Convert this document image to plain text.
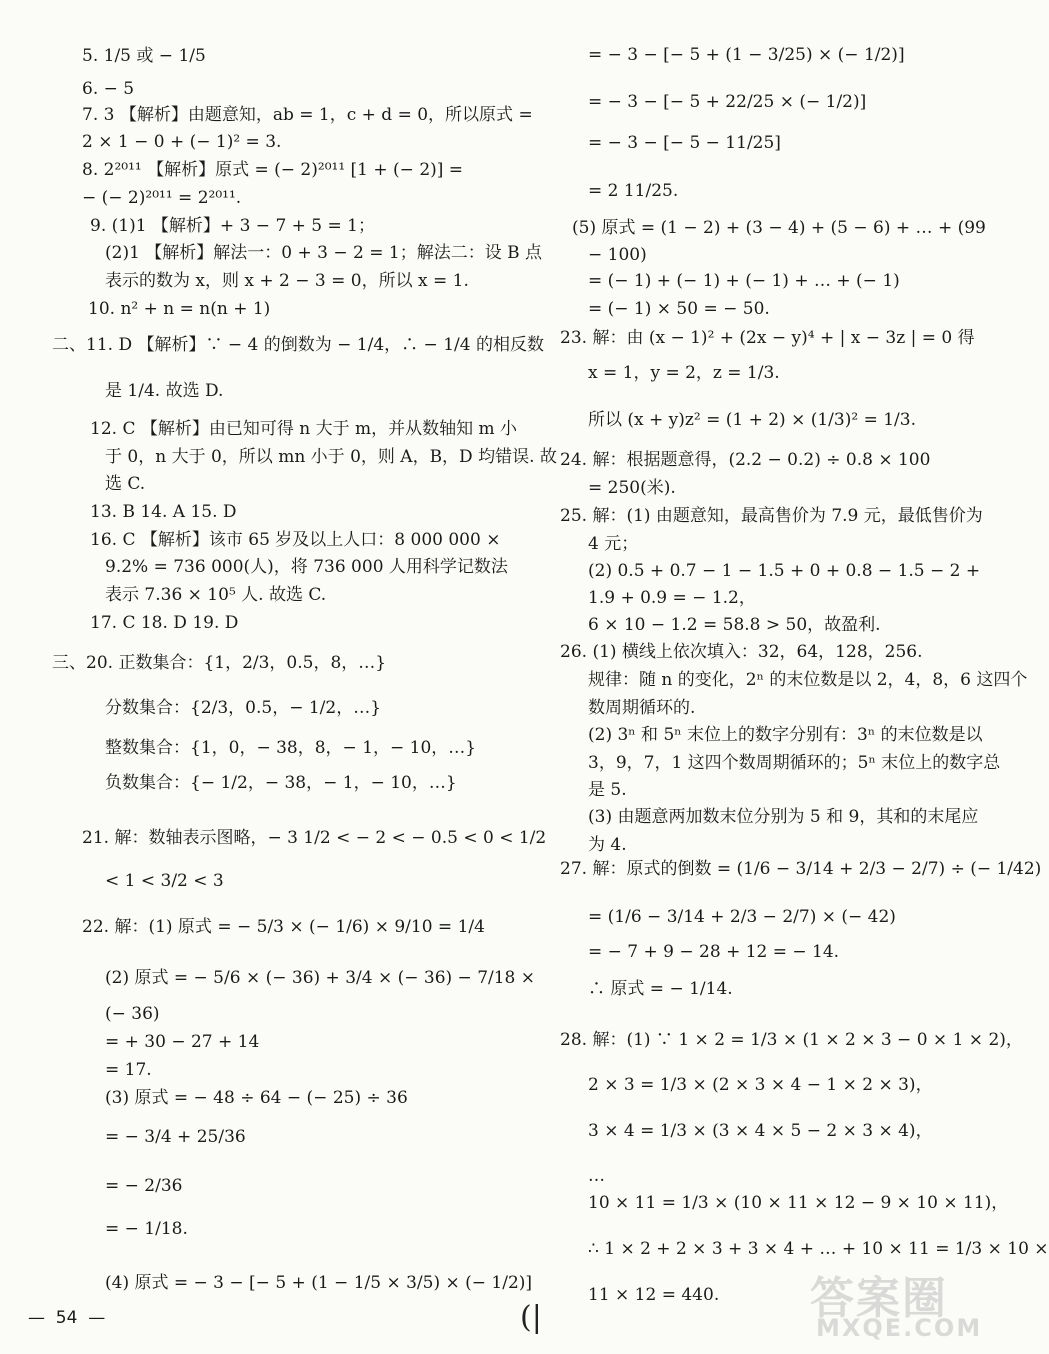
5. 1/5 或 − 1/5
6. − 5
7. 3 【解析】由题意知，ab = 1，c + d = 0，所以原式 =
2 × 1 − 0 + (− 1)² = 3.
8. 2²⁰¹¹ 【解析】原式 = (− 2)²⁰¹¹ [1 + (− 2)] =
− (− 2)²⁰¹¹ = 2²⁰¹¹.
9. (1)1 【解析】+ 3 − 7 + 5 = 1；
(2)1 【解析】解法一：0 + 3 − 2 = 1；解法二：设 B 点
表示的数为 x，则 x + 2 − 3 = 0，所以 x = 1.
10. n² + n = n(n + 1)
二、11. D 【解析】∵ − 4 的倒数为 − 1/4，∴ − 1/4 的相反数
是 1/4. 故选 D.
12. C 【解析】由已知可得 n 大于 m，并从数轴知 m 小
于 0，n 大于 0，所以 mn 小于 0，则 A，B，D 均错误. 故
选 C.
13. B 14. A 15. D
16. C 【解析】该市 65 岁及以上人口：8 000 000 ×
9.2% = 736 000(人)，将 736 000 人用科学记数法
表示 7.36 × 10⁵ 人. 故选 C.
17. C 18. D 19. D
三、20. 正数集合：{1，2/3，0.5，8，…}
分数集合：{2/3，0.5，− 1/2，…}
整数集合：{1，0，− 38，8，− 1，− 10，…}
负数集合：{− 1/2，− 38，− 1，− 10，…}
21. 解：数轴表示图略，− 3 1/2 < − 2 < − 0.5 < 0 < 1/2
< 1 < 3/2 < 3
22. 解：(1) 原式 = − 5/3 × (− 1/6) × 9/10 = 1/4
(2) 原式 = − 5/6 × (− 36) + 3/4 × (− 36) − 7/18 ×
(− 36)
= + 30 − 27 + 14
= 17.
(3) 原式 = − 48 ÷ 64 − (− 25) ÷ 36
= − 3/4 + 25/36
= − 2/36
= − 1/18.
(4) 原式 = − 3 − [− 5 + (1 − 1/5 × 3/5) × (− 1/2)]
= − 3 − [− 5 + (1 − 3/25) × (− 1/2)]
= − 3 − [− 5 + 22/25 × (− 1/2)]
= − 3 − [− 5 − 11/25]
= 2 11/25.
(5) 原式 = (1 − 2) + (3 − 4) + (5 − 6) + … + (99
− 100)
= (− 1) + (− 1) + (− 1) + … + (− 1)
= (− 1) × 50 = − 50.
23. 解：由 (x − 1)² + (2x − y)⁴ + | x − 3z | = 0 得
x = 1，y = 2，z = 1/3.
所以 (x + y)z² = (1 + 2) × (1/3)² = 1/3.
24. 解：根据题意得，(2.2 − 0.2) ÷ 0.8 × 100
= 250(米).
25. 解：(1) 由题意知，最高售价为 7.9 元，最低售价为
4 元；
(2) 0.5 + 0.7 − 1 − 1.5 + 0 + 0.8 − 1.5 − 2 +
1.9 + 0.9 = − 1.2，
6 × 10 − 1.2 = 58.8 > 50，故盈利.
26. (1) 横线上依次填入：32，64，128，256.
规律：随 n 的变化，2ⁿ 的末位数是以 2，4，8，6 这四个
数周期循环的.
(2) 3ⁿ 和 5ⁿ 末位上的数字分别有：3ⁿ 的末位数是以
3，9，7，1 这四个数周期循环的；5ⁿ 末位上的数字总
是 5.
(3) 由题意两加数末位分别为 5 和 9，其和的末尾应
为 4.
27. 解：原式的倒数 = (1/6 − 3/14 + 2/3 − 2/7) ÷ (− 1/42)
= (1/6 − 3/14 + 2/3 − 2/7) × (− 42)
= − 7 + 9 − 28 + 12 = − 14.
∴ 原式 = − 1/14.
28. 解：(1) ∵ 1 × 2 = 1/3 × (1 × 2 × 3 − 0 × 1 × 2)，
2 × 3 = 1/3 × (2 × 3 × 4 − 1 × 2 × 3)，
3 × 4 = 1/3 × (3 × 4 × 5 − 2 × 3 × 4)，
…
10 × 11 = 1/3 × (10 × 11 × 12 − 9 × 10 × 11)，
∴ 1 × 2 + 2 × 3 + 3 × 4 + … + 10 × 11 = 1/3 × 10 ×
11 × 12 = 440.
—  54  —	(|	答案圈
MXQE.COM
